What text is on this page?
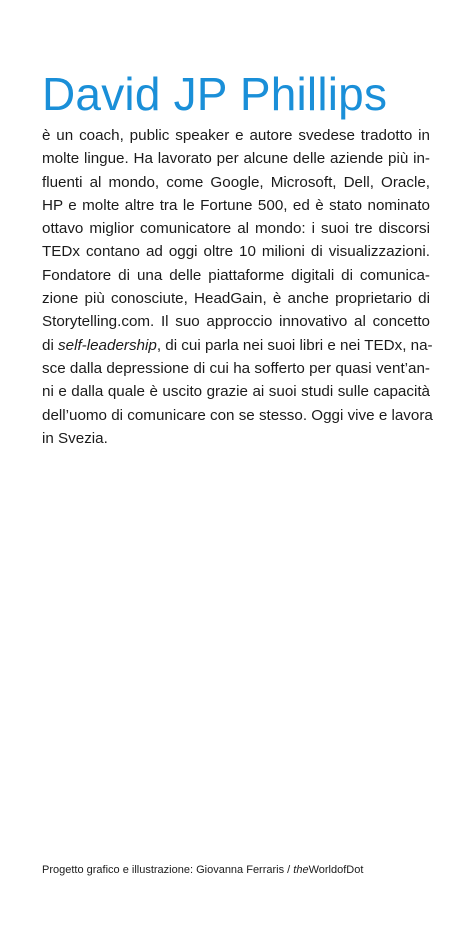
David JP Phillips
è un coach, public speaker e autore svedese tradotto in
molte lingue. Ha lavorato per alcune delle aziende più in-
fluenti al mondo, come Google, Microsoft, Dell, Oracle,
HP e molte altre tra le Fortune 500, ed è stato nominato
ottavo miglior comunicatore al mondo: i suoi tre discorsi
TEDx contano ad oggi oltre 10 milioni di visualizzazioni.
Fondatore di una delle piattaforme digitali di comunica-
zione più conosciute, HeadGain, è anche proprietario di
Storytelling.com. Il suo approccio innovativo al concetto
di self-leadership, di cui parla nei suoi libri e nei TEDx, na-
sce dalla depressione di cui ha sofferto per quasi vent’an-
ni e dalla quale è uscito grazie ai suoi studi sulle capacità
dell’uomo di comunicare con se stesso. Oggi vive e lavora
in Svezia.

Progetto grafico e illustrazione: Giovanna Ferraris / theWorldofDot
